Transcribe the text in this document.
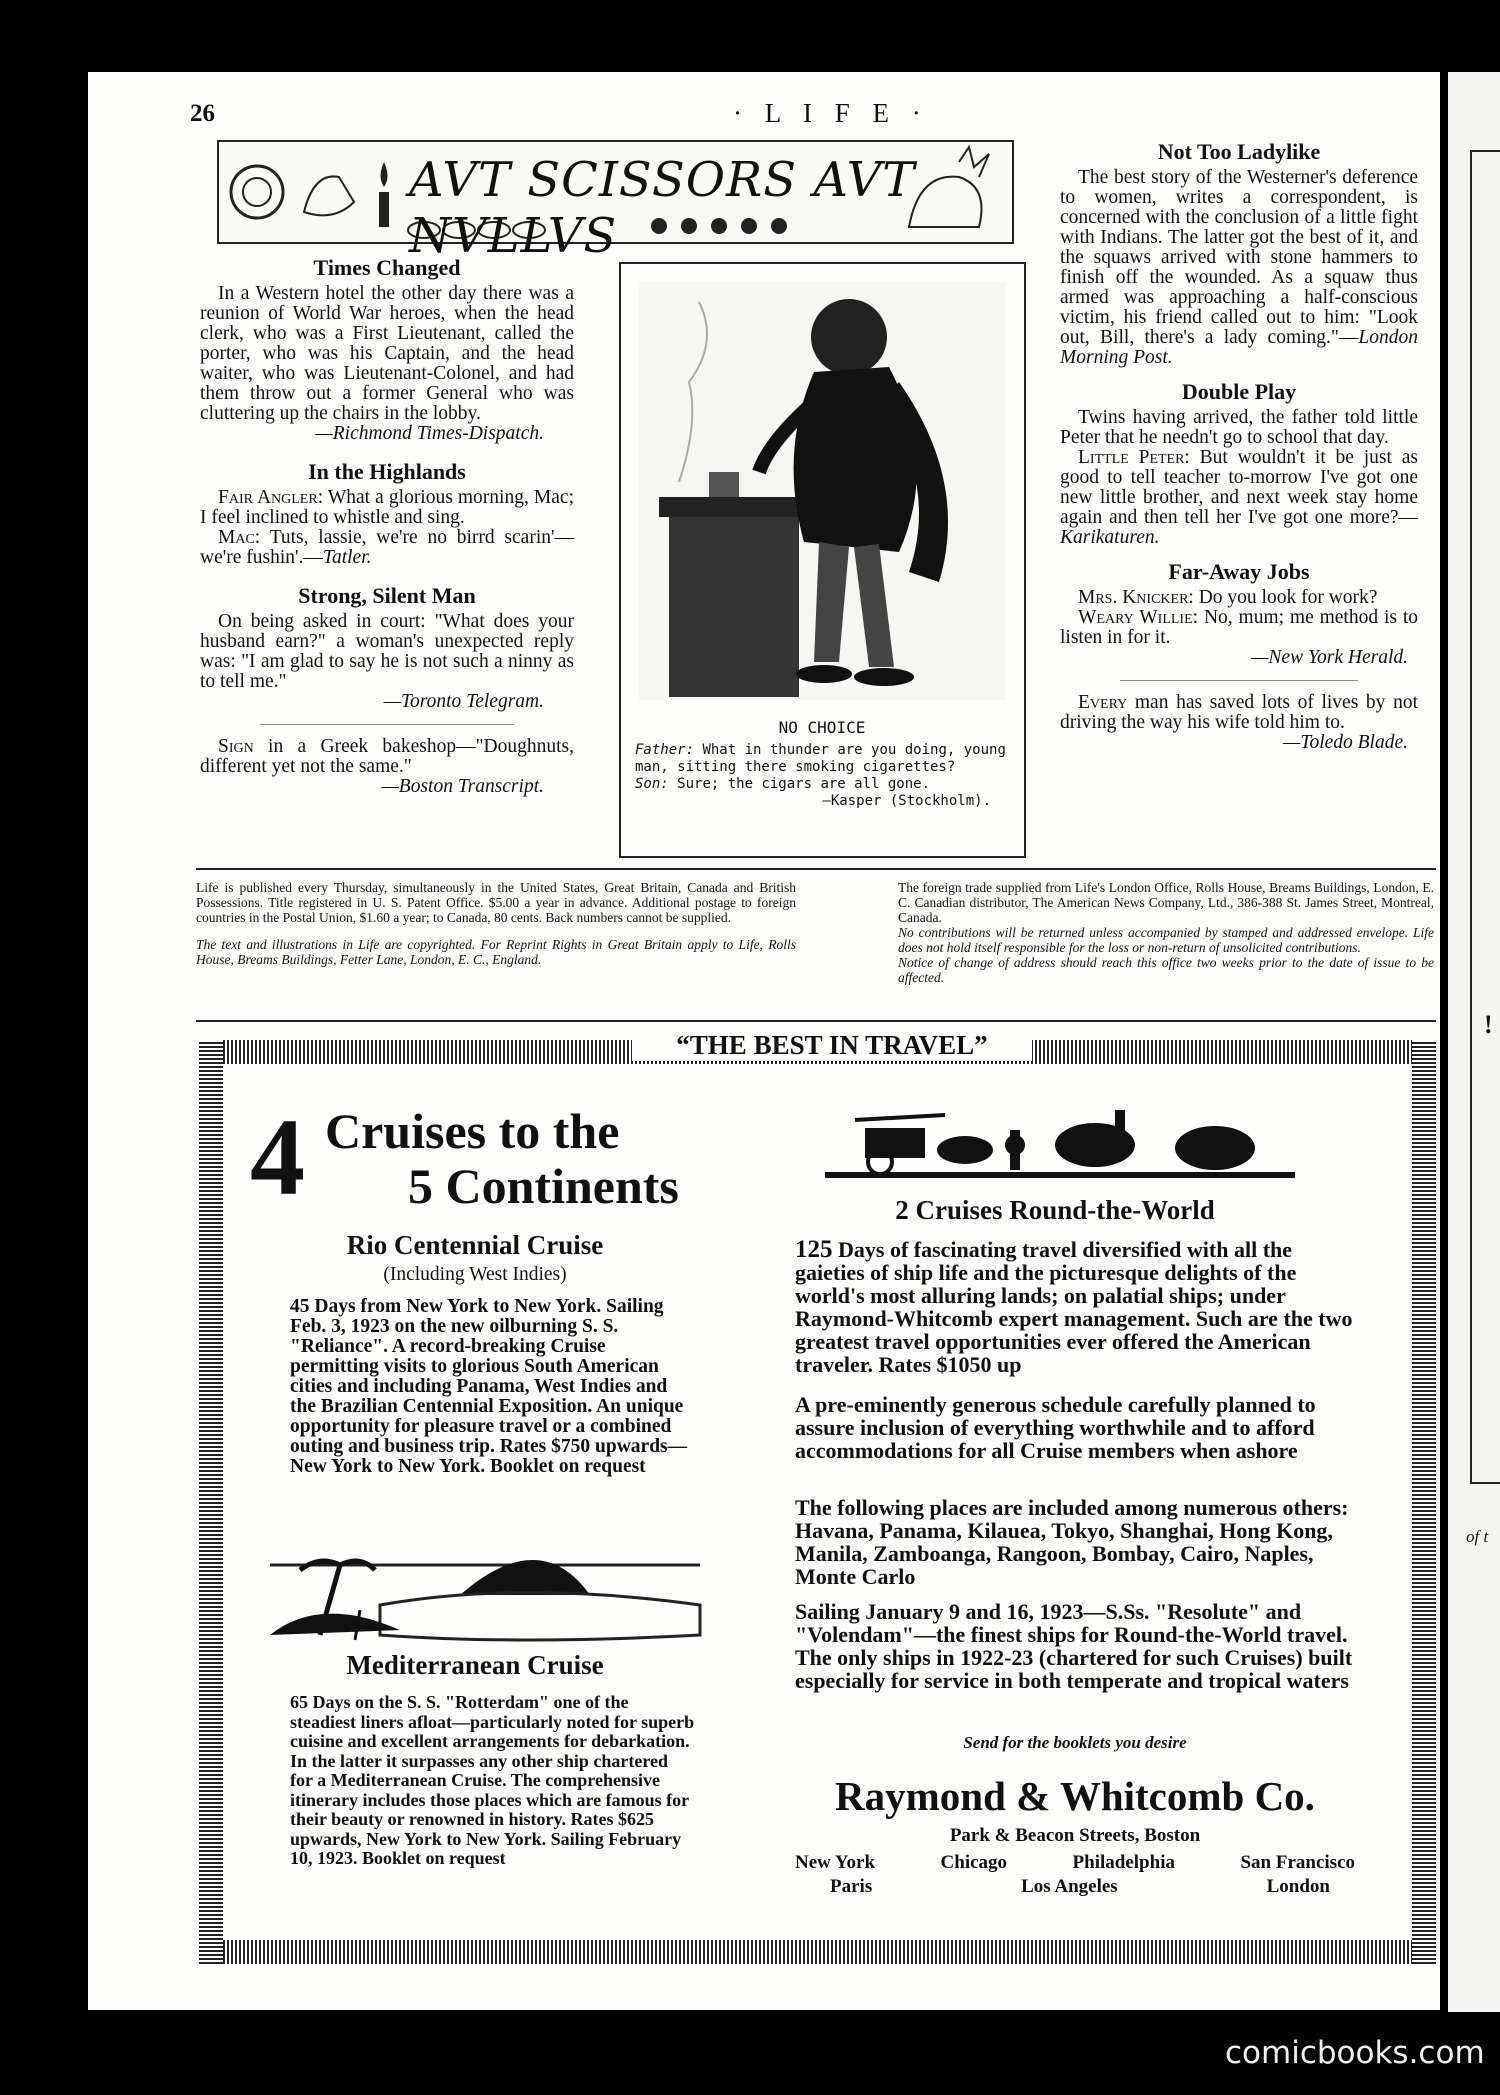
!
of t
26	· L I F E ·
AVT SCISSORS AVT NVLLVS
Times Changed

In a Western hotel the other day there was a reunion of World War heroes, when the head clerk, who was a First Lieutenant, called the porter, who was his Captain, and the head waiter, who was Lieutenant-Colonel, and had them throw out a former General who was cluttering up the chairs in the lobby.

—Richmond Times-Dispatch.
In the Highlands

Fair Angler: What a glorious morning, Mac; I feel inclined to whistle and sing.

Mac: Tuts, lassie, we're no birrd scarin'—we're fushin'.—Tatler.

Strong, Silent Man

On being asked in court: "What does your husband earn?" a woman's unexpected reply was: "I am glad to say he is not such a ninny as to tell me."

—Toronto Telegram.

Sign in a Greek bakeshop—"Doughnuts, different yet not the same."

—Boston Transcript.
NO CHOICE
Father: What in thunder are you doing, young man, sitting there smoking cigarettes?
Son: Sure; the cigars are all gone.
—Kasper (Stockholm).
Not Too Ladylike

The best story of the Westerner's deference to women, writes a correspondent, is concerned with the conclusion of a little fight with Indians. The latter got the best of it, and the squaws arrived with stone hammers to finish off the wounded. As a squaw thus armed was approaching a half-conscious victim, his friend called out to him: "Look out, Bill, there's a lady coming."—London Morning Post.

Double Play

Twins having arrived, the father told little Peter that he needn't go to school that day.

Little Peter: But wouldn't it be just as good to tell teacher to-morrow I've got one new little brother, and next week stay home again and then tell her I've got one more?—Karikaturen.

Far-Away Jobs

Mrs. Knicker: Do you look for work?

Weary Willie: No, mum; me method is to listen in for it.

—New York Herald.

Every man has saved lots of lives by not driving the way his wife told him to.

—Toledo Blade.
Life is published every Thursday, simultaneously in the United States, Great Britain, Canada and British Possessions. Title registered in U. S. Patent Office. $5.00 a year in advance. Additional postage to foreign countries in the Postal Union, $1.60 a year; to Canada, 80 cents. Back numbers cannot be supplied.
The text and illustrations in Life are copyrighted. For Reprint Rights in Great Britain apply to Life, Rolls House, Breams Buildings, Fetter Lane, London, E. C., England.
The foreign trade supplied from Life's London Office, Rolls House, Breams Buildings, London, E. C. Canadian distributor, The American News Company, Ltd., 386-388 St. James Street, Montreal, Canada.
No contributions will be returned unless accompanied by stamped and addressed envelope. Life does not hold itself responsible for the loss or non-return of unsolicited contributions.
Notice of change of address should reach this office two weeks prior to the date of issue to be affected.
“THE BEST IN TRAVEL”
4 Cruises to the
5 Continents
Rio Centennial Cruise
(Including West Indies)
45 Days from New York to New York. Sailing Feb. 3, 1923 on the new oilburning S. S. "Reliance". A record-breaking Cruise permitting visits to glorious South American cities and including Panama, West Indies and the Brazilian Centennial Exposition. An unique opportunity for pleasure travel or a combined outing and business trip. Rates $750 upwards—New York to New York. Booklet on request
Mediterranean Cruise
65 Days on the S. S. "Rotterdam" one of the steadiest liners afloat—particularly noted for superb cuisine and excellent arrangements for debarkation. In the latter it surpasses any other ship chartered for a Mediterranean Cruise. The comprehensive itinerary includes those places which are famous for their beauty or renowned in history. Rates $625 upwards, New York to New York. Sailing February 10, 1923. Booklet on request
2 Cruises Round-the-World
125 Days of fascinating travel diversified with all the gaieties of ship life and the picturesque delights of the world's most alluring lands; on palatial ships; under Raymond-Whitcomb expert management. Such are the two greatest travel opportunities ever offered the American traveler. Rates $1050 up
A pre-eminently generous schedule carefully planned to assure inclusion of everything worthwhile and to afford accommodations for all Cruise members when ashore
The following places are included among numerous others: Havana, Panama, Kilauea, Tokyo, Shanghai, Hong Kong, Manila, Zamboanga, Rangoon, Bombay, Cairo, Naples, Monte Carlo
Sailing January 9 and 16, 1923—S.Ss. "Resolute" and "Volendam"—the finest ships for Round-the-World travel. The only ships in 1922-23 (chartered for such Cruises) built especially for service in both temperate and tropical waters
Send for the booklets you desire
Raymond & Whitcomb Co.
Park & Beacon Streets, Boston
New York	Chicago	Philadelphia	San Francisco
Paris	Los Angeles	London
comicbooks.com
